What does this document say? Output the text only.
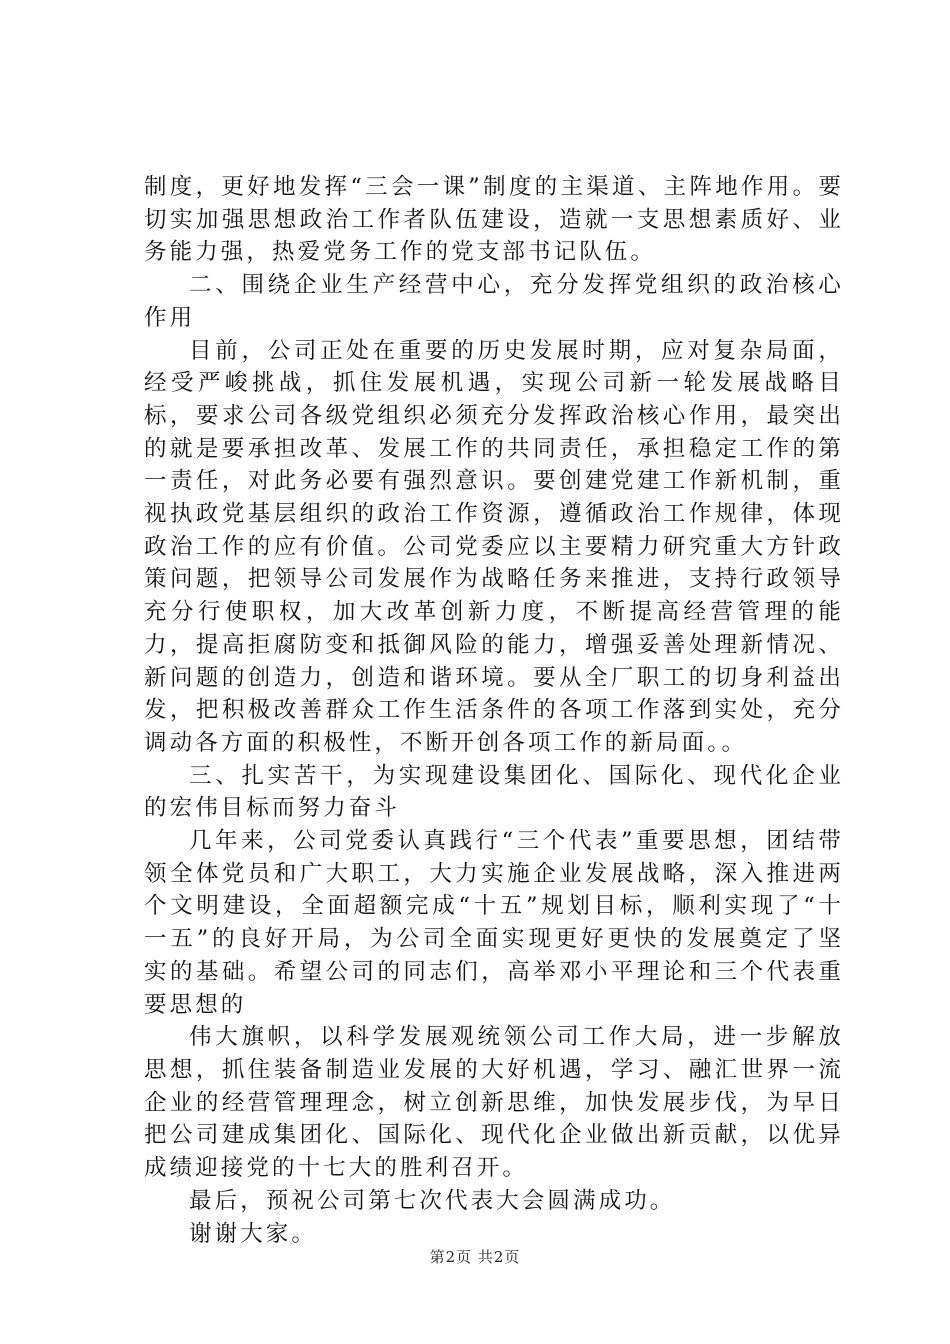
制度，更好地发挥“三会一课”制度的主渠道、主阵地作用。要切实加强思想政治工作者队伍建设，造就一支思想素质好、业务能力强，热爱党务工作的党支部书记队伍。

二、围绕企业生产经营中心，充分发挥党组织的政治核心作用

目前，公司正处在重要的历史发展时期，应对复杂局面，经受严峻挑战，抓住发展机遇，实现公司新一轮发展战略目标，要求公司各级党组织必须充分发挥政治核心作用，最突出的就是要承担改革、发展工作的共同责任，承担稳定工作的第一责任，对此务必要有强烈意识。要创建党建工作新机制，重视执政党基层组织的政治工作资源，遵循政治工作规律，体现政治工作的应有价值。公司党委应以主要精力研究重大方针政策问题，把领导公司发展作为战略任务来推进，支持行政领导充分行使职权，加大改革创新力度，不断提高经营管理的能力，提高拒腐防变和抵御风险的能力，增强妥善处理新情况、新问题的创造力，创造和谐环境。要从全厂职工的切身利益出发，把积极改善群众工作生活条件的各项工作落到实处，充分调动各方面的积极性，不断开创各项工作的新局面。。

三、扎实苦干，为实现建设集团化、国际化、现代化企业的宏伟目标而努力奋斗

几年来，公司党委认真践行“三个代表”重要思想，团结带领全体党员和广大职工，大力实施企业发展战略，深入推进两个文明建设，全面超额完成“十五”规划目标，顺利实现了“十一五”的良好开局，为公司全面实现更好更快的发展奠定了坚实的基础。希望公司的同志们，高举邓小平理论和三个代表重要思想的

伟大旗帜，以科学发展观统领公司工作大局，进一步解放思想，抓住装备制造业发展的大好机遇，学习、融汇世界一流企业的经营管理理念，树立创新思维，加快发展步伐，为早日把公司建成集团化、国际化、现代化企业做出新贡献，以优异成绩迎接党的十七大的胜利召开。

最后，预祝公司第七次代表大会圆满成功。

谢谢大家。

第2页 共2页
